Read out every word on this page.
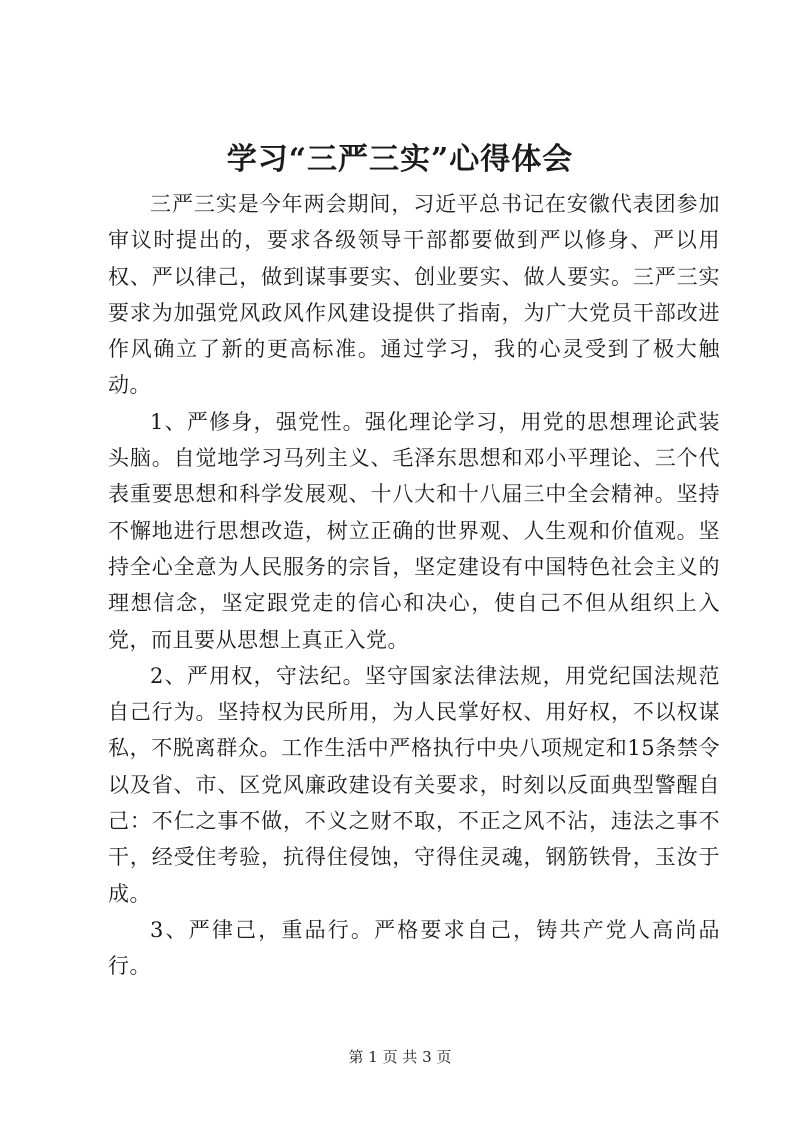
学习“三严三实”心得体会

三严三实是今年两会期间，习近平总书记在安徽代表团参加审议时提出的，要求各级领导干部都要做到严以修身、严以用权、严以律己，做到谋事要实、创业要实、做人要实。三严三实要求为加强党风政风作风建设提供了指南，为广大党员干部改进作风确立了新的更高标准。通过学习，我的心灵受到了极大触动。

1、严修身，强党性。强化理论学习，用党的思想理论武装头脑。自觉地学习马列主义、毛泽东思想和邓小平理论、三个代表重要思想和科学发展观、十八大和十八届三中全会精神。坚持不懈地进行思想改造，树立正确的世界观、人生观和价值观。坚持全心全意为人民服务的宗旨，坚定建设有中国特色社会主义的理想信念，坚定跟党走的信心和决心，使自己不但从组织上入党，而且要从思想上真正入党。

2、严用权，守法纪。坚守国家法律法规，用党纪国法规范自己行为。坚持权为民所用，为人民掌好权、用好权，不以权谋私，不脱离群众。工作生活中严格执行中央八项规定和15条禁令以及省、市、区党风廉政建设有关要求，时刻以反面典型警醒自己：不仁之事不做，不义之财不取，不正之风不沾，违法之事不干，经受住考验，抗得住侵蚀，守得住灵魂，钢筋铁骨，玉汝于成。

3、严律己，重品行。严格要求自己，铸共产党人高尚品行。

第 1 页 共 3 页
